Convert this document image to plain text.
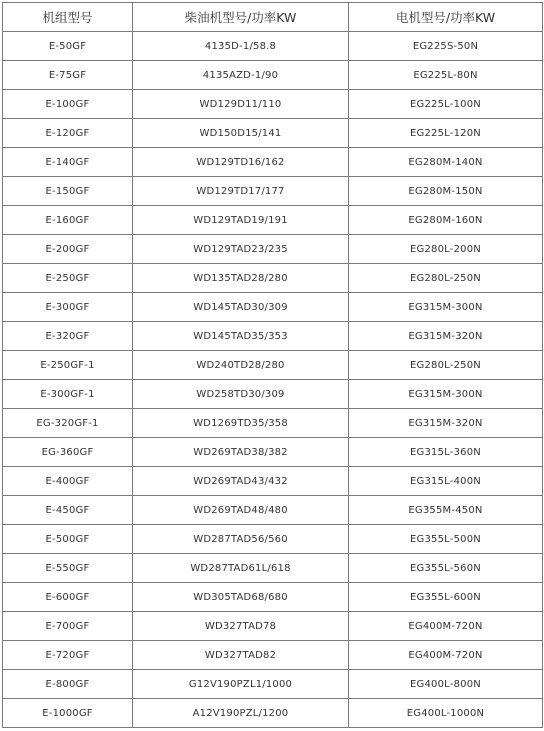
机组型号	柴油机型号/功率KW	电机型号/功率KW
E-50GF	4135D-1/58.8	EG225S-50N
E-75GF	4135AZD-1/90	EG225L-80N
E-100GF	WD129D11/110	EG225L-100N
E-120GF	WD150D15/141	EG225L-120N
E-140GF	WD129TD16/162	EG280M-140N
E-150GF	WD129TD17/177	EG280M-150N
E-160GF	WD129TAD19/191	EG280M-160N
E-200GF	WD129TAD23/235	EG280L-200N
E-250GF	WD135TAD28/280	EG280L-250N
E-300GF	WD145TAD30/309	EG315M-300N
E-320GF	WD145TAD35/353	EG315M-320N
E-250GF-1	WD240TD28/280	EG280L-250N
E-300GF-1	WD258TD30/309	EG315M-300N
EG-320GF-1	WD1269TD35/358	EG315M-320N
EG-360GF	WD269TAD38/382	EG315L-360N
E-400GF	WD269TAD43/432	EG315L-400N
E-450GF	WD269TAD48/480	EG355M-450N
E-500GF	WD287TAD56/560	EG355L-500N
E-550GF	WD287TAD61L/618	EG355L-560N
E-600GF	WD305TAD68/680	EG355L-600N
E-700GF	WD327TAD78	EG400M-720N
E-720GF	WD327TAD82	EG400M-720N
E-800GF	G12V190PZL1/1000	EG400L-800N
E-1000GF	A12V190PZL/1200	EG400L-1000N
